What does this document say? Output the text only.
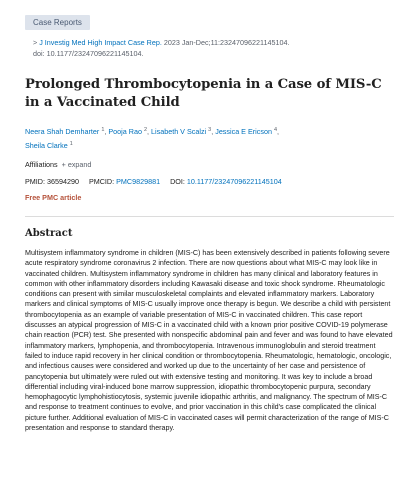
Case Reports
> J Investig Med High Impact Case Rep. 2023 Jan-Dec;11:23247096221145104.
doi: 10.1177/23247096221145104.
Prolonged Thrombocytopenia in a Case of MIS-C in a Vaccinated Child
Neera Shah Demharter $^1$, Pooja Rao $^2$, Lisabeth V Scalzi $^3$, Jessica E Ericson $^4$,
Sheila Clarke $^1$
Affiliations + expand
PMID: 36594290 PMCID: PMC9829881 DOI: 10.1177/23247096221145104
Free PMC article
Abstract

Multisystem inflammatory syndrome in children (MIS-C) has been extensively described in patients following severe acute respiratory syndrome coronavirus 2 infection. There are now questions about what MIS-C may look like in vaccinated children. Multisystem inflammatory syndrome in children has many clinical and laboratory features in common with other inflammatory disorders including Kawasaki disease and toxic shock syndrome. Rheumatologic conditions can present with similar musculoskeletal complaints and elevated inflammatory markers. Laboratory markers and clinical symptoms of MIS-C usually improve once therapy is begun. We describe a child with persistent thrombocytopenia as an example of variable presentation of MIS-C in vaccinated children. This case report discusses an atypical progression of MIS-C in a vaccinated child with a known prior positive COVID-19 polymerase chain reaction (PCR) test. She presented with nonspecific abdominal pain and fever and was found to have elevated inflammatory markers, lymphopenia, and thrombocytopenia. Intravenous immunoglobulin and steroid treatment failed to induce rapid recovery in her clinical condition or thrombocytopenia. Rheumatologic, hematologic, oncologic, and infectious causes were considered and worked up due to the uncertainty of her case and persistence of pancytopenia but ultimately were ruled out with extensive testing and monitoring. It was key to include a broad differential including viral-induced bone marrow suppression, idiopathic thrombocytopenic purpura, secondary hemophagocytic lymphohistiocytosis, systemic juvenile idiopathic arthritis, and malignancy. The spectrum of MIS-C and response to treatment continues to evolve, and prior vaccination in this child's case complicated the clinical picture further. Additional evaluation of MIS-C in vaccinated cases will permit characterization of the range of MIS-C presentation and response to standard therapy.
